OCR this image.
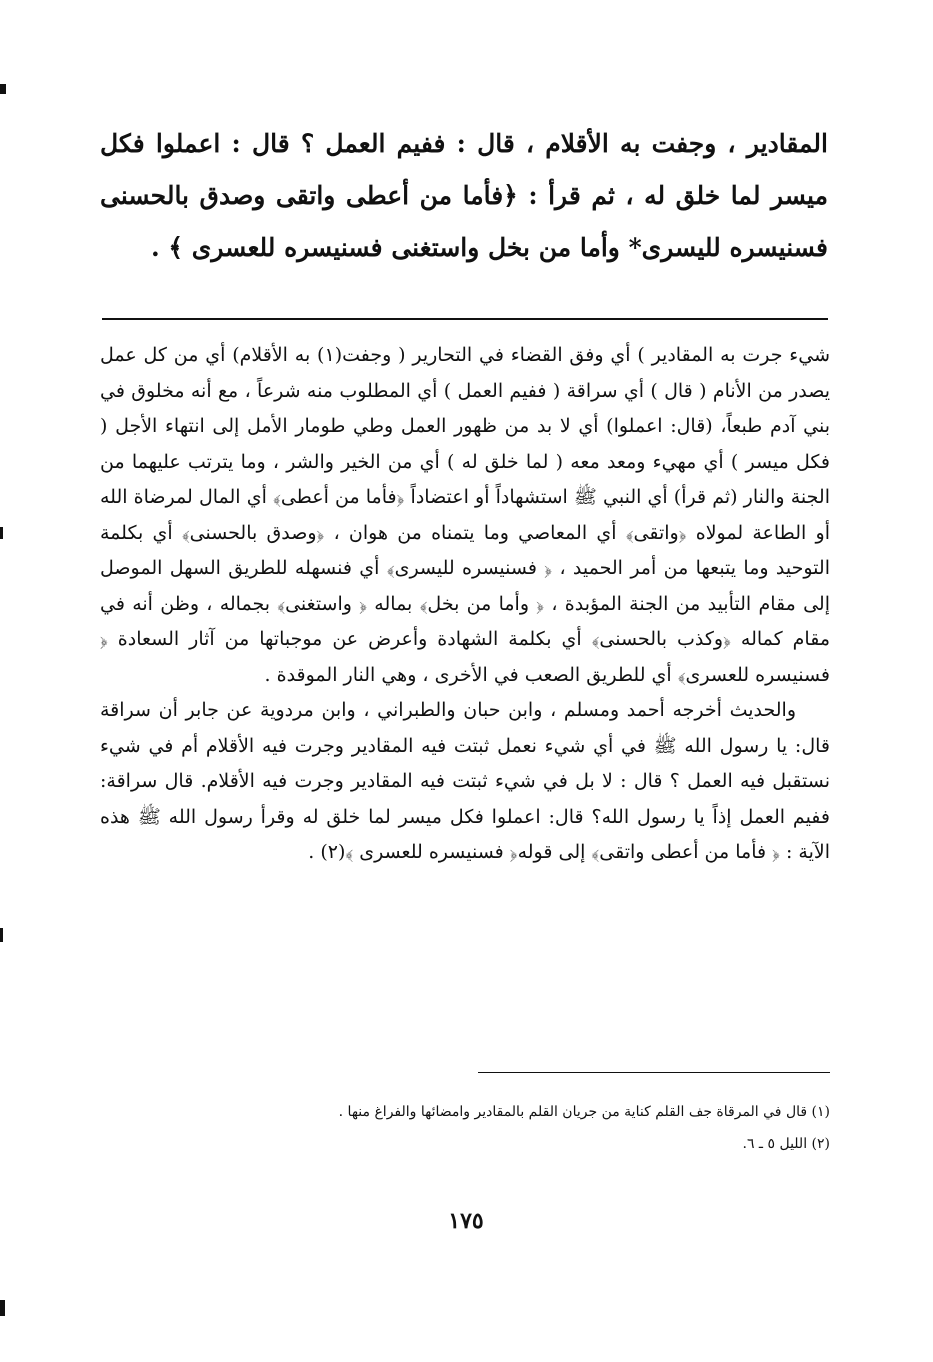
المقادير ، وجفت به الأقلام ، قال : ففيم العمل ؟ قال : اعملوا فكل ميسر لما خلق له ، ثم قرأ : ﴿فأما من أعطى واتقى وصدق بالحسنى فسنيسره لليسرى* وأما من بخل واستغنى فسنيسره للعسرى ﴾ .

شيء جرت به المقادير ) أي وفق القضاء في التحارير ( وجفت(١) به الأقلام) أي من كل عمل يصدر من الأنام ( قال ) أي سراقة ( ففيم العمل ) أي المطلوب منه شرعاً ، مع أنه مخلوق في بني آدم طبعاً، (قال: اعملوا) أي لا بد من ظهور العمل وطي طومار الأمل إلى انتهاء الأجل ( فكل ميسر ) أي مهيء ومعد معه ( لما خلق له ) أي من الخير والشر ، وما يترتب عليهما من الجنة والنار (ثم قرأ) أي النبي ﷺ استشهاداً أو اعتضاداً ﴿فأما من أعطى﴾ أي المال لمرضاة الله أو الطاعة لمولاه ﴿واتقى﴾ أي المعاصي وما يتمناه من هوان ، ﴿وصدق بالحسنى﴾ أي بكلمة التوحيد وما يتبعها من أمر الحميد ، ﴿ فسنيسره لليسرى﴾ أي فنسهله للطريق السهل الموصل إلى مقام التأبيد من الجنة المؤبدة ، ﴿ وأما من بخل﴾ بماله ﴿ واستغنى﴾ بجماله ، وظن أنه في مقام كماله ﴿وكذب بالحسنى﴾ أي بكلمة الشهادة وأعرض عن موجباتها من آثار السعادة ﴿ فسنيسره للعسرى﴾ أي للطريق الصعب في الأخرى ، وهي النار الموقدة .

والحديث أخرجه أحمد ومسلم ، وابن حبان والطبراني ، وابن مردوية عن جابر أن سراقة قال: يا رسول الله ﷺ في أي شيء نعمل ثبتت فيه المقادير وجرت فيه الأقلام أم في شيء نستقبل فيه العمل ؟ قال : لا بل في شيء ثبتت فيه المقادير وجرت فيه الأقلام. قال سراقة: ففيم العمل إذاً يا رسول الله؟ قال: اعملوا فكل ميسر لما خلق له وقرأ رسول الله ﷺ هذه الآية : ﴿ فأما من أعطى واتقى﴾ إلى قوله﴿ فسنيسره للعسرى ﴾(٢) .

(١) قال في المرقاة جف القلم كناية من جريان القلم بالمقادير وامضائها والفراغ منها .

(٢) الليل ٥ ـ ٦.

١٧٥
